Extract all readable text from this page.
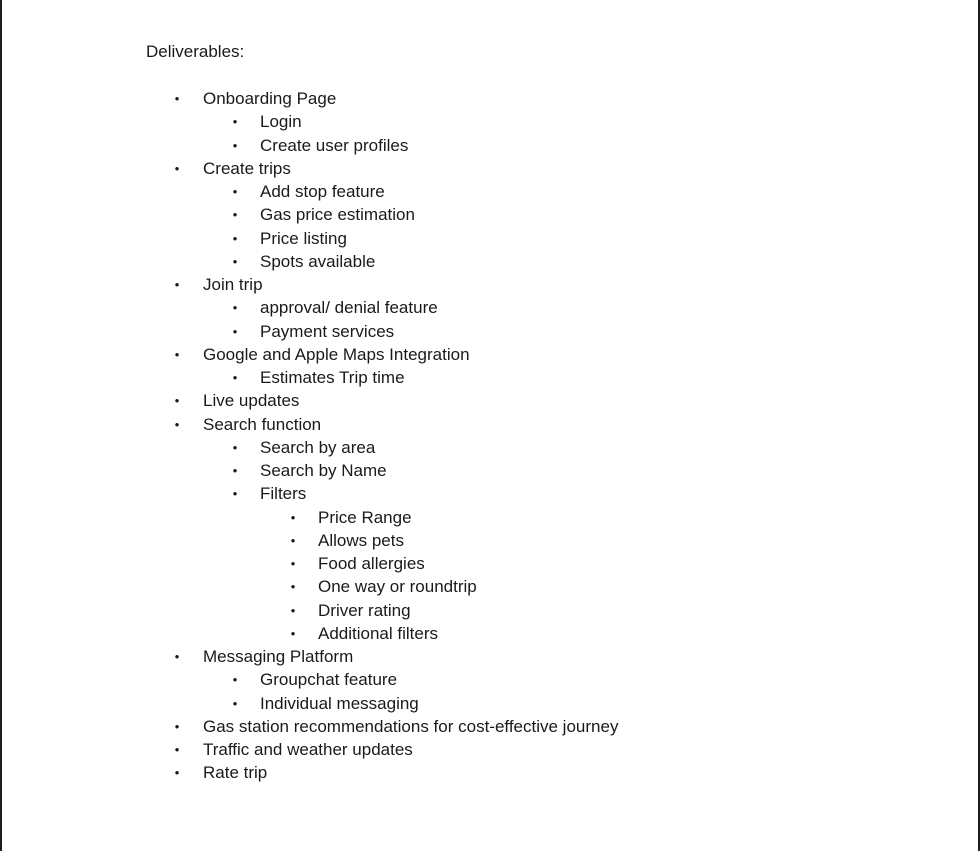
Deliverables:
• Onboarding Page
• Login
• Create user profiles
• Create trips
• Add stop feature
• Gas price estimation
• Price listing
• Spots available
• Join trip
• approval/ denial feature
• Payment services
• Google and Apple Maps Integration
• Estimates Trip time
• Live updates
• Search function
• Search by area
• Search by Name
• Filters
• Price Range
• Allows pets
• Food allergies
• One way or roundtrip
• Driver rating
• Additional filters
• Messaging Platform
• Groupchat feature
• Individual messaging
• Gas station recommendations for cost-effective journey
• Traffic and weather updates
• Rate trip
